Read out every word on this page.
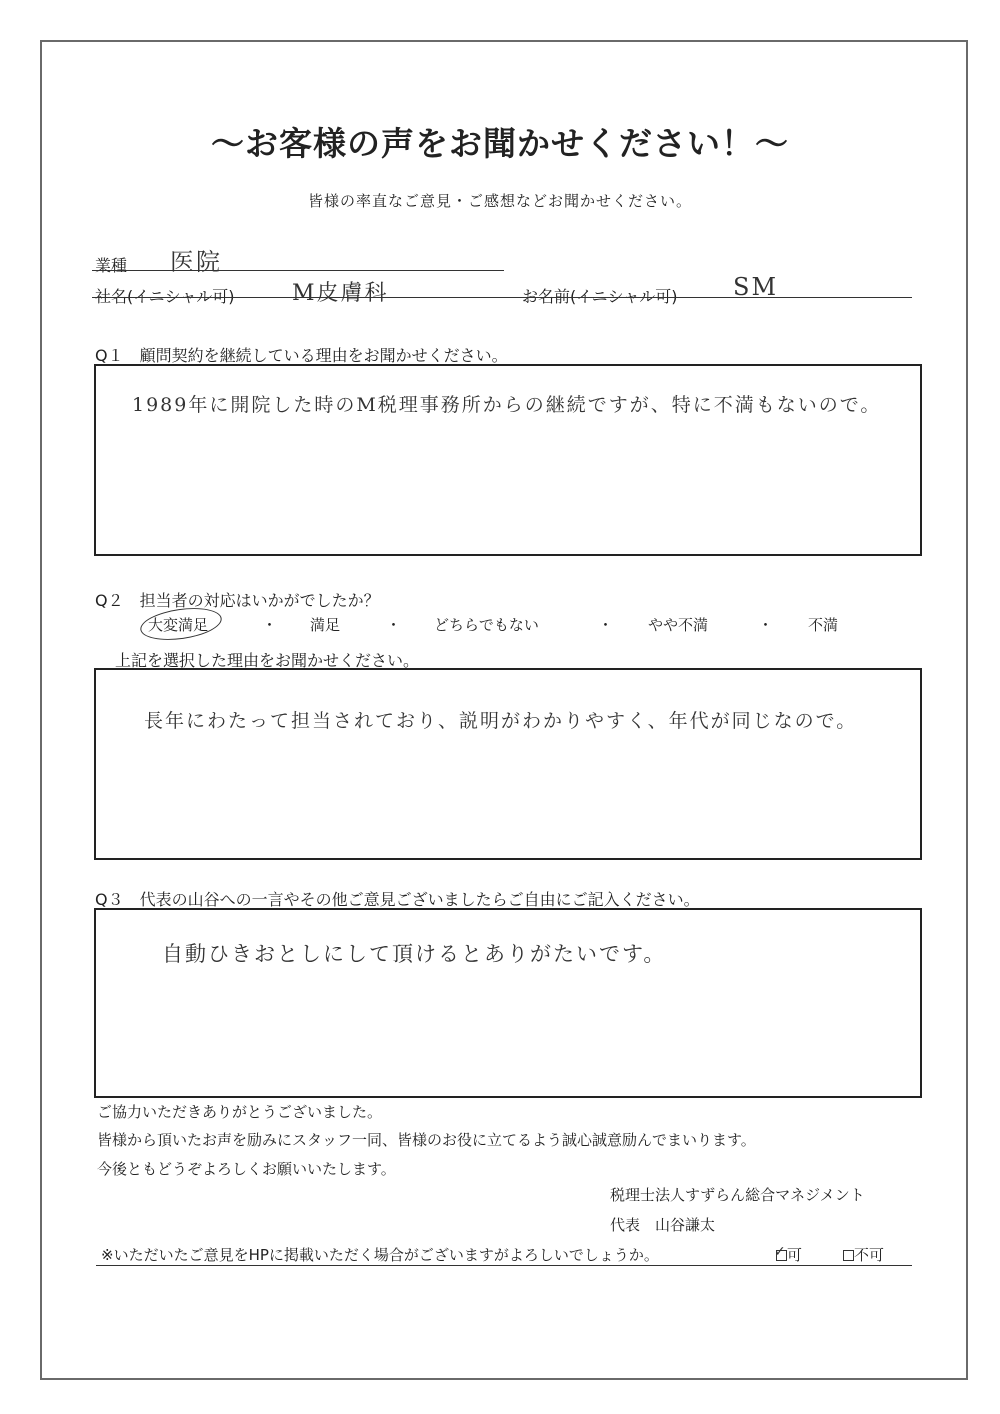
〜お客様の声をお聞かせください！〜
皆様の率直なご意見・ご感想などお聞かせください。
業種 医院
社名(イニシャル可)	M皮膚科	お名前(イニシャル可) SM
Q１　顧問契約を継続している理由をお聞かせください。
1989年に開院した時のM税理事務所からの継続ですが、特に不満もないので。
Q２　担当者の対応はいかがでしたか？
大変満足	・ 満足	・ どちらでもない	・ やや不満	・ 不満
上記を選択した理由をお聞かせください。
長年にわたって担当されており、説明がわかりやすく、年代が同じなので。
Q３　代表の山谷への一言やその他ご意見ございましたらご自由にご記入ください。
自動ひきおとしにして頂けるとありがたいです。
ご協力いただきありがとうございました。
皆様から頂いたお声を励みにスタッフ一同、皆様のお役に立てるよう誠心誠意励んでまいります。
今後ともどうぞよろしくお願いいたします。
税理士法人すずらん総合マネジメント
代表　山谷謙太
※いただいたご意見をHPに掲載いただく場合がございますがよろしいでしょうか。	✓ 可	不可
